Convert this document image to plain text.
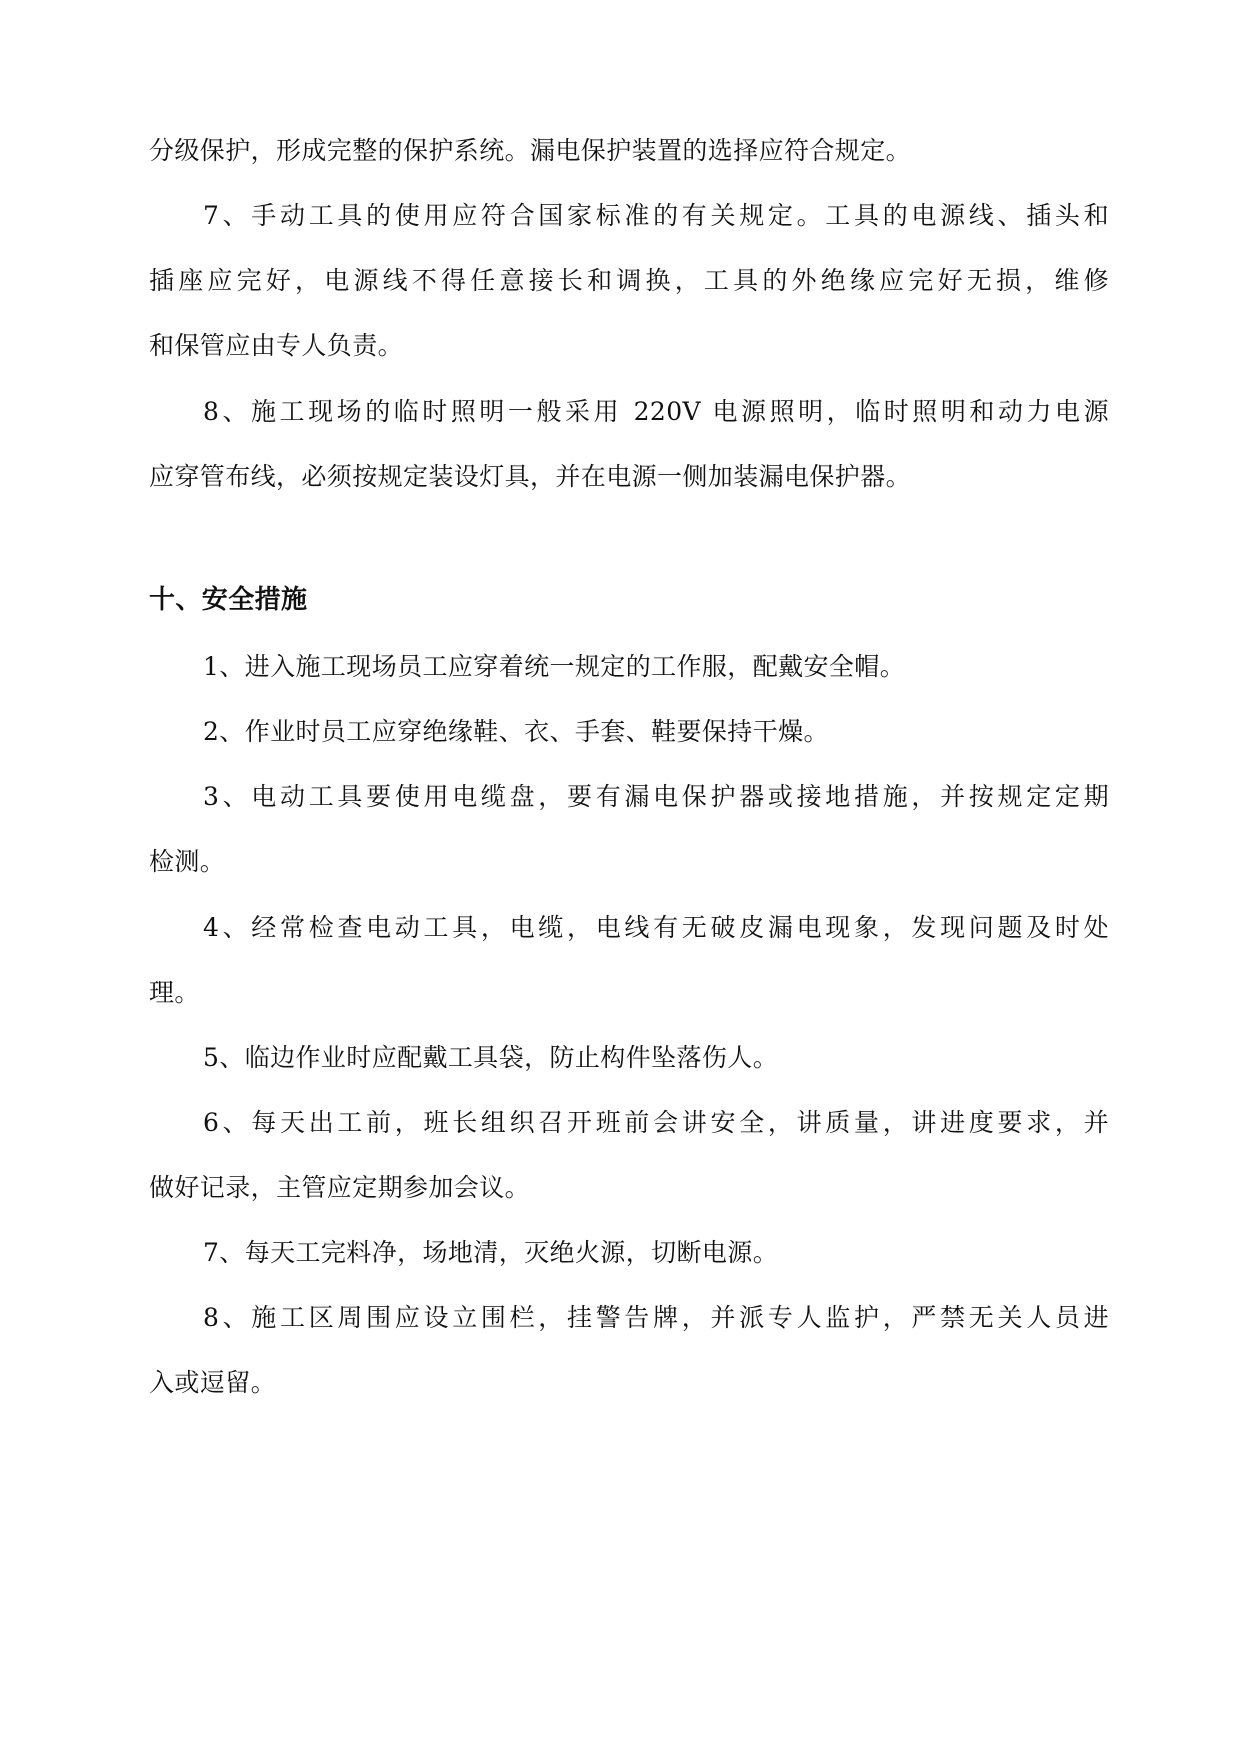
分级保护，形成完整的保护系统。漏电保护装置的选择应符合规定。
7、手动工具的使用应符合国家标准的有关规定。工具的电源线、插头和
插座应完好，电源线不得任意接长和调换，工具的外绝缘应完好无损，维修
和保管应由专人负责。
8、施工现场的临时照明一般采用 220V 电源照明，临时照明和动力电源
应穿管布线，必须按规定装设灯具，并在电源一侧加装漏电保护器。
十、安全措施
1、进入施工现场员工应穿着统一规定的工作服，配戴安全帽。
2、作业时员工应穿绝缘鞋、衣、手套、鞋要保持干燥。
3、电动工具要使用电缆盘，要有漏电保护器或接地措施，并按规定定期
检测。
4、经常检查电动工具，电缆，电线有无破皮漏电现象，发现问题及时处
理。
5、临边作业时应配戴工具袋，防止构件坠落伤人。
6、每天出工前，班长组织召开班前会讲安全，讲质量，讲进度要求，并
做好记录，主管应定期参加会议。
7、每天工完料净，场地清，灭绝火源，切断电源。
8、施工区周围应设立围栏，挂警告牌，并派专人监护，严禁无关人员进
入或逗留。
